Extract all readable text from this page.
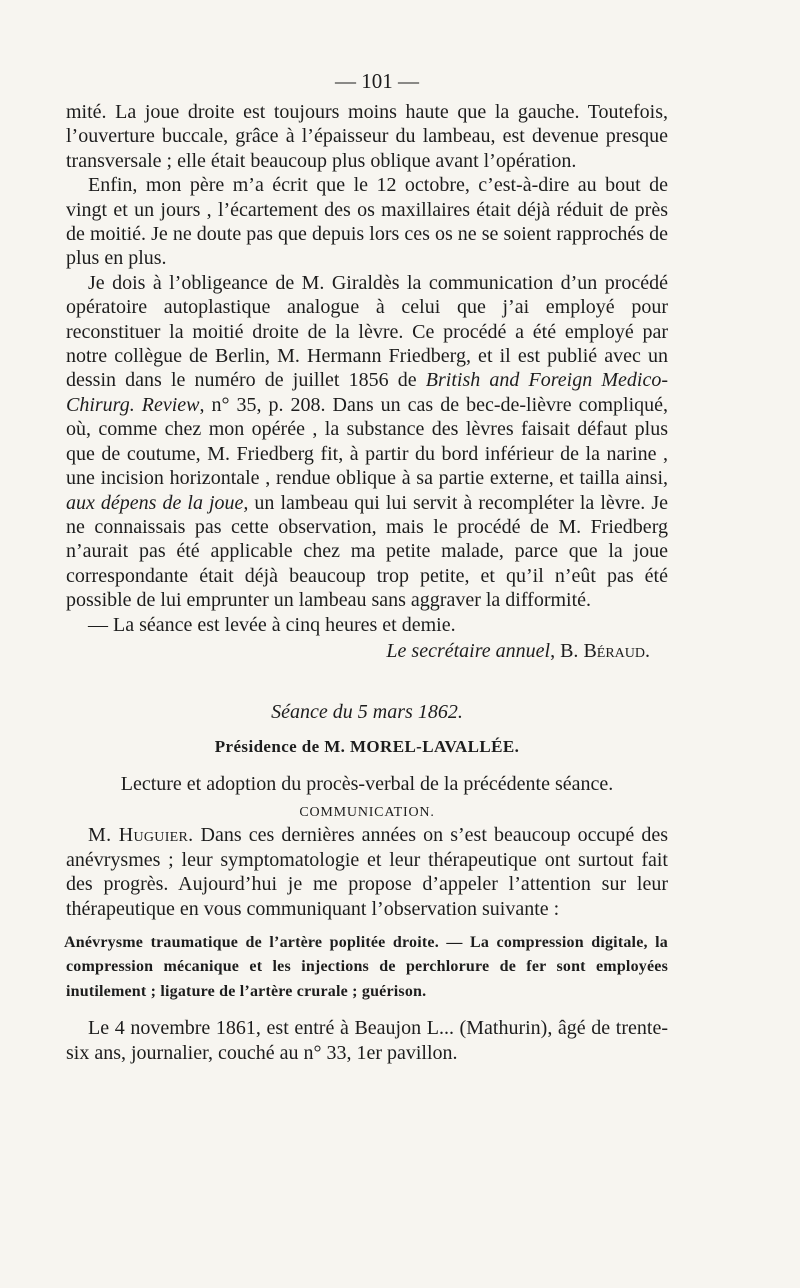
— 101 —

mité. La joue droite est toujours moins haute que la gauche. Toutefois, l’ouverture buccale, grâce à l’épaisseur du lambeau, est devenue presque transversale ; elle était beaucoup plus oblique avant l’opération.

Enfin, mon père m’a écrit que le 12 octobre, c’est-à-dire au bout de vingt et un jours , l’écartement des os maxillaires était déjà réduit de près de moitié. Je ne doute pas que depuis lors ces os ne se soient rapprochés de plus en plus.

Je dois à l’obligeance de M. Giraldès la communication d’un procédé opératoire autoplastique analogue à celui que j’ai employé pour reconstituer la moitié droite de la lèvre. Ce procédé a été employé par notre collègue de Berlin, M. Hermann Friedberg, et il est publié avec un dessin dans le numéro de juillet 1856 de British and Foreign Medico-Chirurg. Review, n° 35, p. 208. Dans un cas de bec-de-lièvre compliqué, où, comme chez mon opérée , la substance des lèvres faisait défaut plus que de coutume, M. Friedberg fit, à partir du bord inférieur de la narine , une incision horizontale , rendue oblique à sa partie externe, et tailla ainsi, aux dépens de la joue, un lambeau qui lui servit à recompléter la lèvre. Je ne connaissais pas cette observation, mais le procédé de M. Friedberg n’aurait pas été applicable chez ma petite malade, parce que la joue correspondante était déjà beaucoup trop petite, et qu’il n’eût pas été possible de lui emprunter un lambeau sans aggraver la difformité.

— La séance est levée à cinq heures et demie.

Le secrétaire annuel, B. Béraud.

Séance du 5 mars 1862.
Présidence de M. MOREL-LAVALLÉE.
Lecture et adoption du procès-verbal de la précédente séance.
COMMUNICATION.

M. Huguier. Dans ces dernières années on s’est beaucoup occupé des anévrysmes ; leur symptomatologie et leur thérapeutique ont surtout fait des progrès. Aujourd’hui je me propose d’appeler l’attention sur leur thérapeutique en vous communiquant l’observation suivante :

Anévrysme traumatique de l’artère poplitée droite. — La compression digitale, la compression mécanique et les injections de perchlorure de fer sont employées inutilement ; ligature de l’artère crurale ; guérison.

Le 4 novembre 1861, est entré à Beaujon L... (Mathurin), âgé de trente-six ans, journalier, couché au n° 33, 1er pavillon.
